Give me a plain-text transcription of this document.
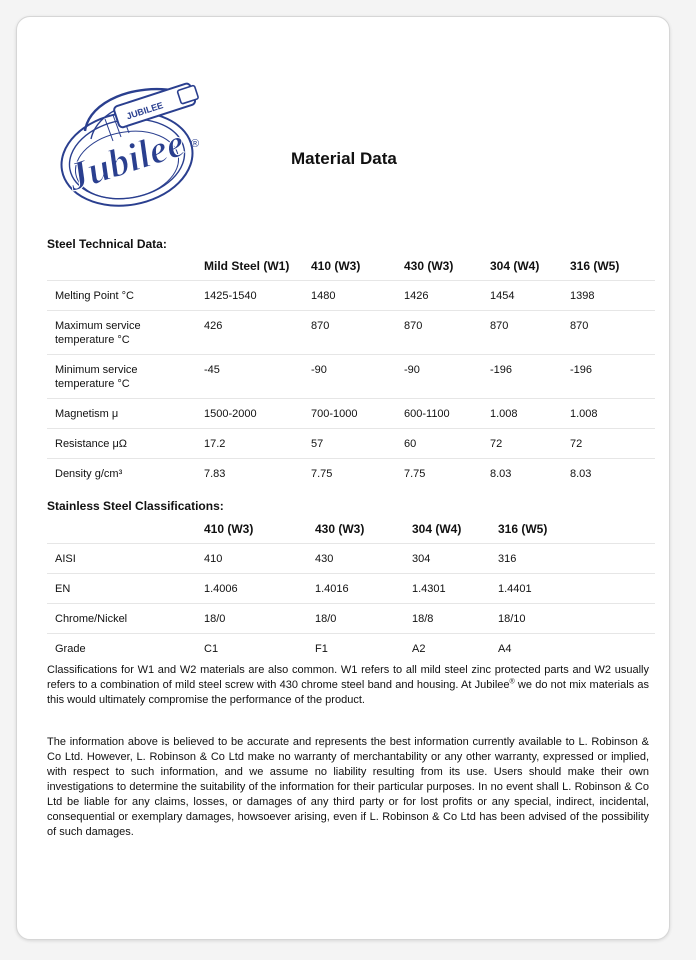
JUBILEE
Jubilee ®
Material Data
Steel Technical Data:
	Mild Steel (W1)	410 (W3)	430 (W3)	304 (W4)	316 (W5)
Melting Point °C	1425-1540	1480	1426	1454	1398
Maximum service temperature °C	426	870	870	870	870
Minimum service temperature °C	-45	-90	-90	-196	-196
Magnetism μ	1500-2000	700-1000	600-1100	1.008	1.008
Resistance μΩ	17.2	57	60	72	72
Density g/cm³	7.83	7.75	7.75	8.03	8.03
Stainless Steel Classifications:
	410 (W3)	430 (W3)	304 (W4)	316 (W5)
AISI	410	430	304	316
EN	1.4006	1.4016	1.4301	1.4401
Chrome/Nickel	18/0	18/0	18/8	18/10
Grade	C1	F1	A2	A4
Classifications for W1 and W2 materials are also common. W1 refers to all mild steel zinc protected parts and W2 usually refers to a combination of mild steel screw with 430 chrome steel band and housing. At Jubilee® we do not mix materials as this would ultimately compromise the performance of the product.
The information above is believed to be accurate and represents the best information currently available to L. Robinson & Co Ltd. However, L. Robinson & Co Ltd make no warranty of merchantability or any other warranty, expressed or implied, with respect to such information, and we assume no liability resulting from its use. Users should make their own investigations to determine the suitability of the information for their particular purposes. In no event shall L. Robinson & Co Ltd be liable for any claims, losses, or damages of any third party or for lost profits or any special, indirect, incidental, consequential or exemplary damages, howsoever arising, even if L. Robinson & Co Ltd has been advised of the possibility of such damages.
